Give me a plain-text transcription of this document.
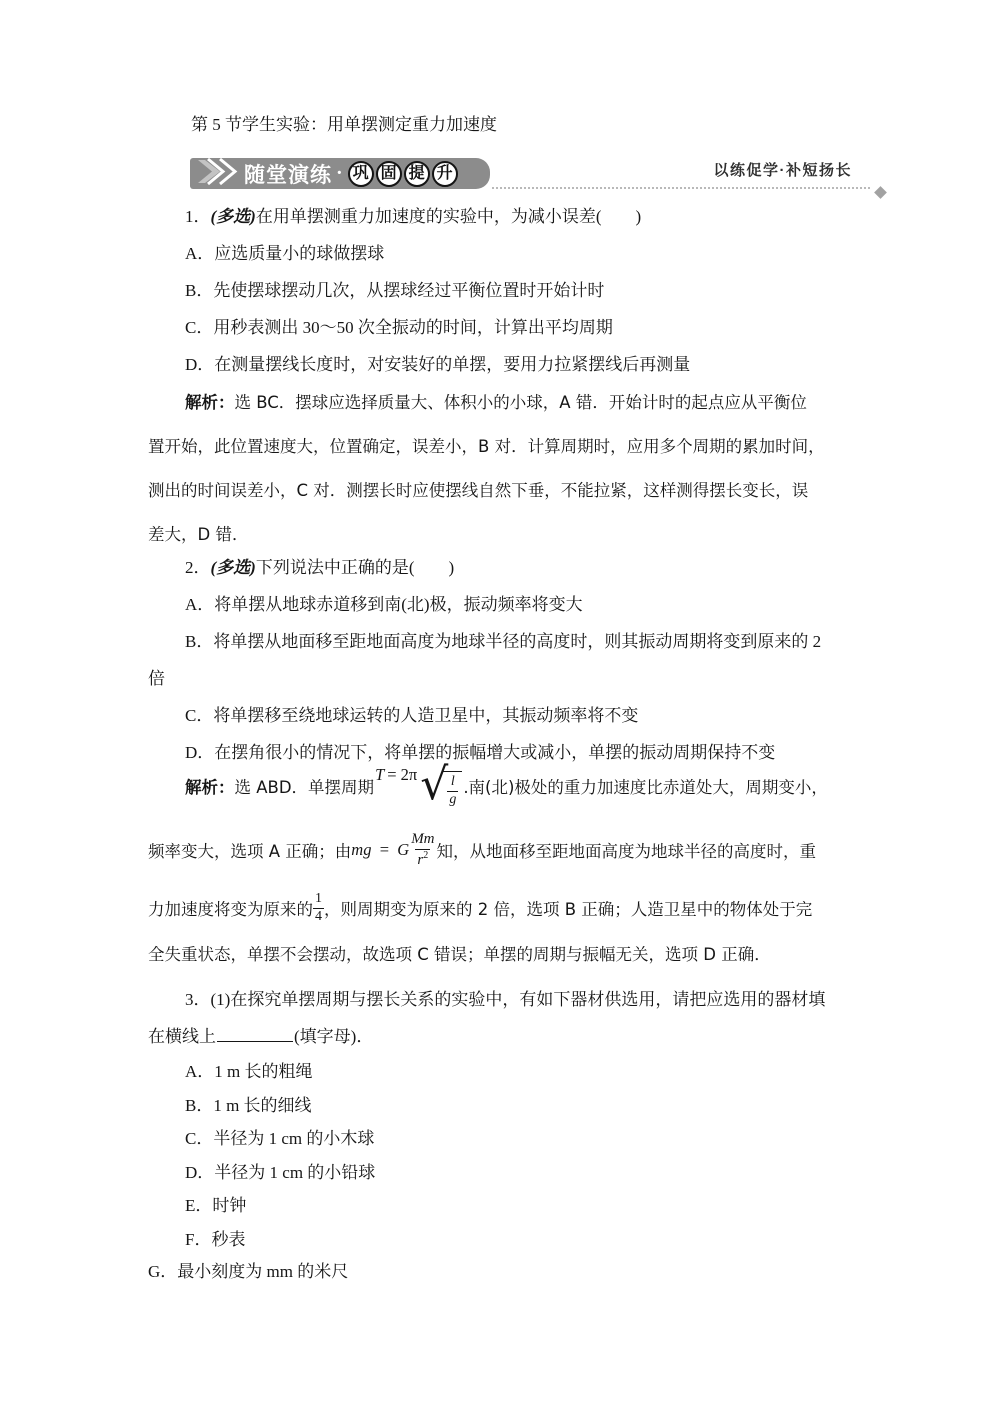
第 5 节学生实验：用单摆测定重力加速度
随堂演练 · 巩 固 提 升	以练促学·补短扬长
1．(多选)在用单摆测重力加速度的实验中，为减小误差(　　)
A．应选质量小的球做摆球
B．先使摆球摆动几次，从摆球经过平衡位置时开始计时
C．用秒表测出 30～50 次全振动的时间，计算出平均周期
D．在测量摆线长度时，对安装好的单摆，要用力拉紧摆线后再测量
解析：选 BC．摆球应选择质量大、体积小的小球，A 错．开始计时的起点应从平衡位
置开始，此位置速度大，位置确定，误差小，B 对．计算周期时，应用多个周期的累加时间，
测出的时间误差小，C 对．测摆长时应使摆线自然下垂，不能拉紧，这样测得摆长变长，误
差大，D 错．
2．(多选)下列说法中正确的是(　　)
A．将单摆从地球赤道移到南(北)极，振动频率将变大
B．将单摆从地面移至距地面高度为地球半径的高度时，则其振动周期将变到原来的 2
倍
C．将单摆移至绕地球运转的人造卫星中，其振动频率将不变
D．在摆角很小的情况下，将单摆的振幅增大或减小，单摆的振动周期保持不变
解析： 选 ABD．单摆周期
T = 2π √ $\frac{l}{g}$ .南(北)极处的重力加速度比赤道处大，周期变小，
频率变大，选项 A 正确；由 mg = G $\frac{Mm}{r^2}$ 知，从地面移至距地面高度为地球半径的高度时，重
力加速度将变为原来的 $\frac{1}{4}$ ，则周期变为原来的 2 倍，选项 B 正确；人造卫星中的物体处于完
全失重状态，单摆不会摆动，故选项 C 错误；单摆的周期与振幅无关，选项 D 正确．
3．(1)在探究单摆周期与摆长关系的实验中，有如下器材供选用，请把应选用的器材填
在横线上	(填字母)．
A．1 m 长的粗绳
B．1 m 长的细线
C．半径为 1 cm 的小木球
D．半径为 1 cm 的小铅球
E．时钟
F．秒表
G．最小刻度为 mm 的米尺
